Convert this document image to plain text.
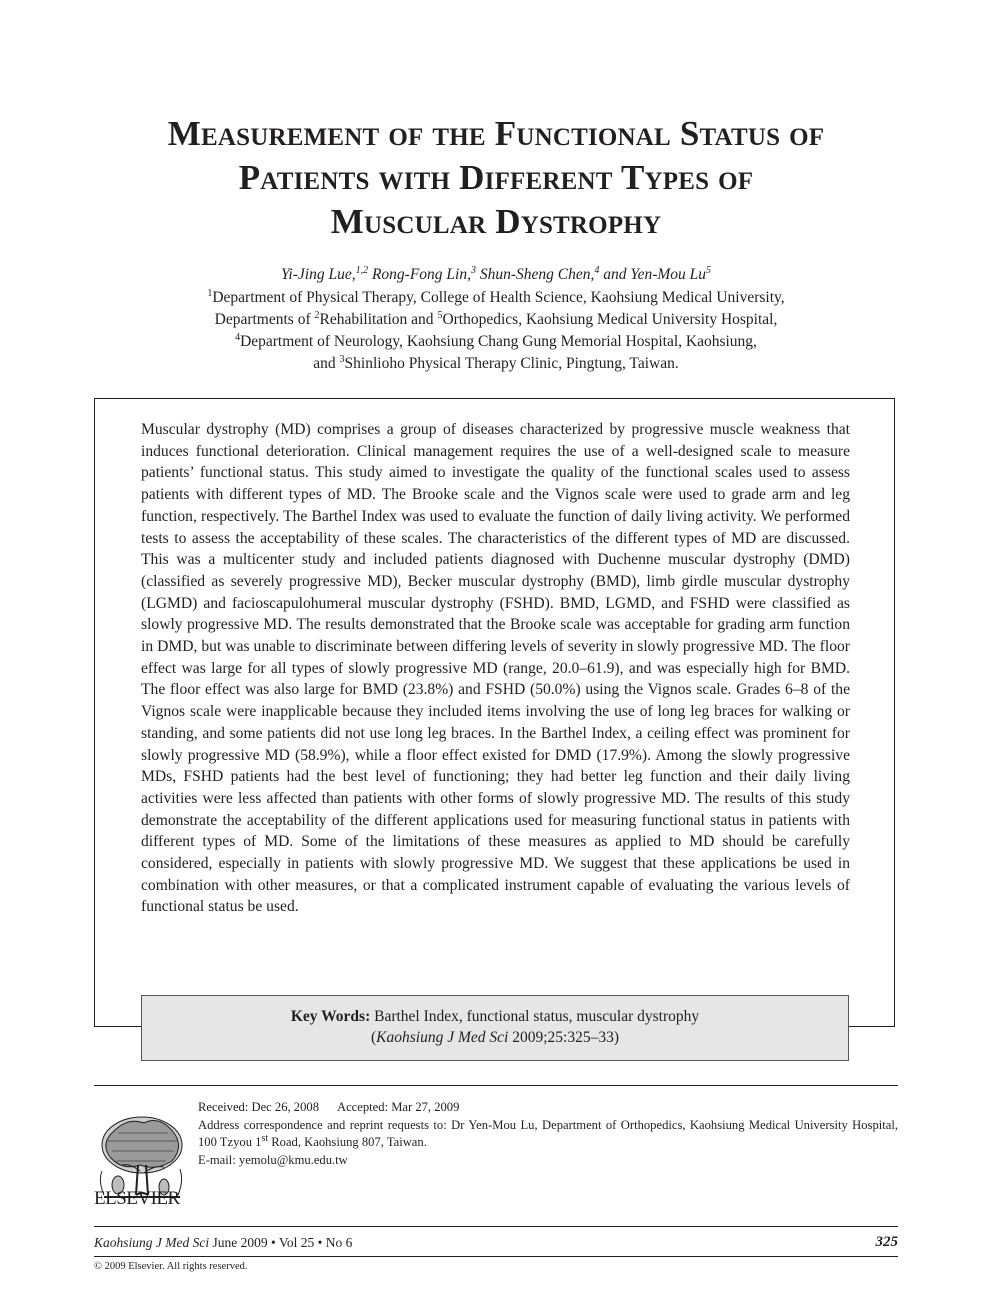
Measurement of the Functional Status of
Patients with Different Types of
Muscular Dystrophy
Yi-Jing Lue,$^{1,2}$ Rong-Fong Lin,$^3$ Shun-Sheng Chen,$^4$ and Yen-Mou Lu$^5$
$^1$Department of Physical Therapy, College of Health Science, Kaohsiung Medical University,
Departments of $^2$Rehabilitation and $^5$Orthopedics, Kaohsiung Medical University Hospital,
$^4$Department of Neurology, Kaohsiung Chang Gung Memorial Hospital, Kaohsiung,
and $^3$Shinlioho Physical Therapy Clinic, Pingtung, Taiwan.
Muscular dystrophy (MD) comprises a group of diseases characterized by progressive muscle weakness that induces functional deterioration. Clinical management requires the use of a well-designed scale to measure patients’ functional status. This study aimed to investigate the quality of the functional scales used to assess patients with different types of MD. The Brooke scale and the Vignos scale were used to grade arm and leg function, respectively. The Barthel Index was used to evaluate the function of daily living activity. We performed tests to assess the acceptability of these scales. The characteristics of the different types of MD are discussed. This was a multicenter study and included patients diagnosed with Duchenne muscular dystrophy (DMD) (classified as severely progressive MD), Becker muscular dystrophy (BMD), limb girdle muscular dystrophy (LGMD) and facioscapulohumeral muscular dystrophy (FSHD). BMD, LGMD, and FSHD were classified as slowly progressive MD. The results demonstrated that the Brooke scale was acceptable for grading arm function in DMD, but was unable to discriminate between differing levels of severity in slowly progressive MD. The floor effect was large for all types of slowly progressive MD (range, 20.0–61.9), and was especially high for BMD. The floor effect was also large for BMD (23.8%) and FSHD (50.0%) using the Vignos scale. Grades 6–8 of the Vignos scale were inapplicable because they included items involving the use of long leg braces for walking or standing, and some patients did not use long leg braces. In the Barthel Index, a ceiling effect was prominent for slowly progressive MD (58.9%), while a floor effect existed for DMD (17.9%). Among the slowly progressive MDs, FSHD patients had the best level of functioning; they had better leg function and their daily living activities were less affected than patients with other forms of slowly progressive MD. The results of this study demonstrate the acceptability of the different applications used for measuring functional status in patients with different types of MD. Some of the limitations of these measures as applied to MD should be carefully considered, especially in patients with slowly progressive MD. We suggest that these applications be used in combination with other measures, or that a complicated instrument capable of evaluating the various levels of functional status be used.
Key Words: Barthel Index, functional status, muscular dystrophy
(Kaohsiung J Med Sci 2009;25:325–33)
ELSEVIER
Received: Dec 26, 2008 Accepted: Mar 27, 2009
Address correspondence and reprint requests to: Dr Yen-Mou Lu, Department of Orthopedics, Kaohsiung Medical University Hospital, 100 Tzyou 1st Road, Kaohsiung 807, Taiwan.
E-mail: yemolu@kmu.edu.tw
Kaohsiung J Med Sci June 2009 • Vol 25 • No 6	325
© 2009 Elsevier. All rights reserved.
